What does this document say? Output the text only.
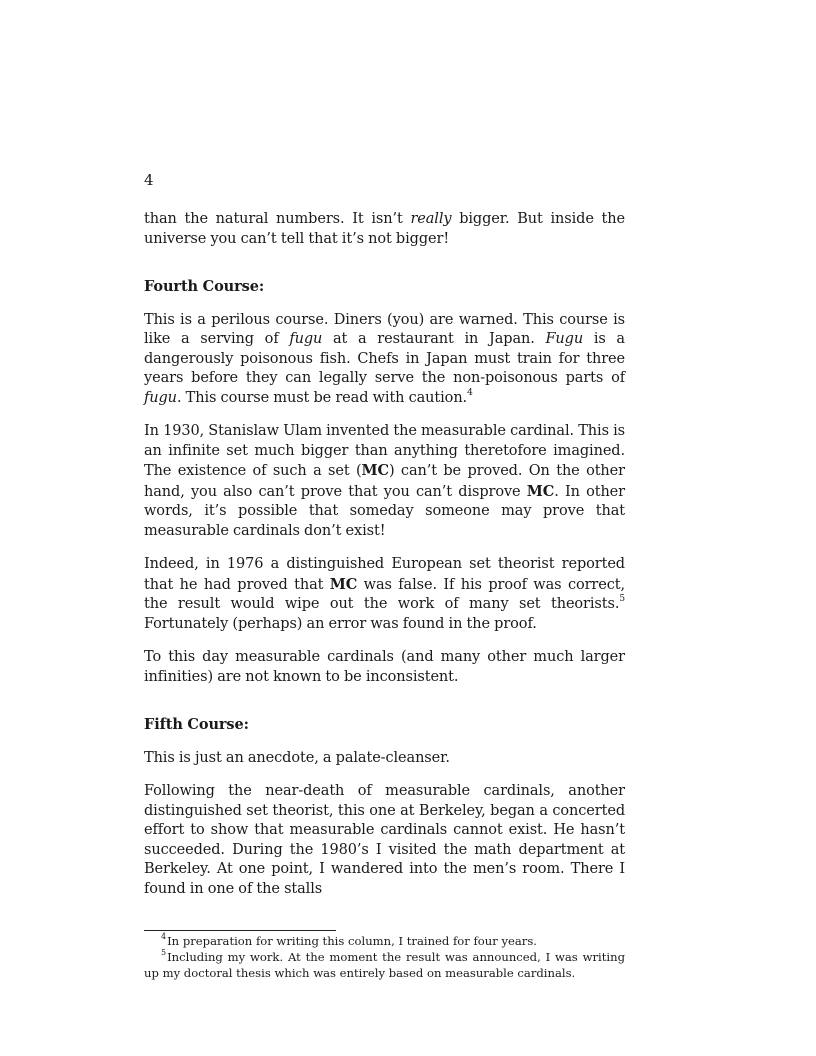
4

than the natural numbers. It isn’t really bigger. But inside the universe you can’t tell that it’s not bigger!

Fourth Course:

This is a perilous course. Diners (you) are warned. This course is like a serving of fugu at a restaurant in Japan. Fugu is a dangerously poisonous fish. Chefs in Japan must train for three years before they can legally serve the non-poisonous parts of fugu. This course must be read with caution.$^4$

In 1930, Stanislaw Ulam invented the measurable cardinal. This is an infinite set much bigger than anything theretofore imagined. The existence of such a set (MC) can’t be proved. On the other hand, you also can’t prove that you can’t disprove MC. In other words, it’s possible that someday someone may prove that measurable cardinals don’t exist!

Indeed, in 1976 a distinguished European set theorist reported that he had proved that MC was false. If his proof was correct, the result would wipe out the work of many set theorists.$^5$ Fortunately (perhaps) an error was found in the proof.

To this day measurable cardinals (and many other much larger infinities) are not known to be inconsistent.

Fifth Course:

This is just an anecdote, a palate-cleanser.

Following the near-death of measurable cardinals, another distinguished set theorist, this one at Berkeley, began a concerted effort to show that measurable cardinals cannot exist. He hasn’t succeeded. During the 1980’s I visited the math department at Berkeley. At one point, I wandered into the men’s room. There I found in one of the stalls

$^4$In preparation for writing this column, I trained for four years.

$^5$Including my work. At the moment the result was announced, I was writing up my doctoral thesis which was entirely based on measurable cardinals.
